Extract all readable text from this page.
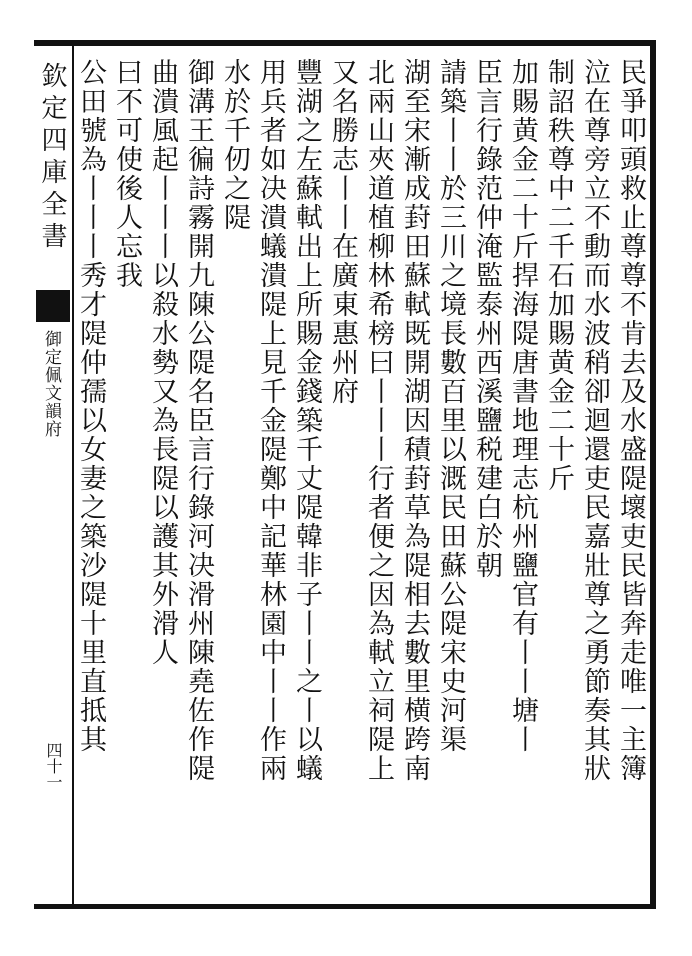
欽定四庫全書
御定佩文韻府
四十一	民爭叩頭救止尊尊不肯去及水盛隄壞吏民皆奔走唯一主簿
泣在尊旁立不動而水波稍卻迴還吏民嘉壯尊之勇節奏其狀
制詔秩尊中二千石加賜黄金二十斤
加賜黄金二十斤捍海隄唐書地理志杭州鹽官有丨丨塘丨
臣言行錄范仲淹監泰州西溪鹽税建白於朝
請築丨丨於三川之境長數百里以溉民田蘇公隄宋史河渠
湖至宋漸成葑田蘇軾既開湖因積葑草為隄相去數里横跨南
北兩山夾道植柳林希榜曰丨丨丨行者便之因為軾立祠隄上
又名勝志丨丨在廣東惠州府
豐湖之左蘇軾出上所賜金錢築千丈隄韓非子丨丨之丨以蟻
用兵者如决潰蟻潰隄上見千金隄鄭中記華林園中丨丨作兩
水於千仞之隄
御溝王徧詩霧開九陳公隄名臣言行錄河决滑州陳堯佐作隄
曲潰風起丨丨丨以殺水勢又為長隄以護其外滑人
曰不可使後人忘我
公田號為丨丨丨秀才隄仲孺以女妻之築沙隄十里直抵其
